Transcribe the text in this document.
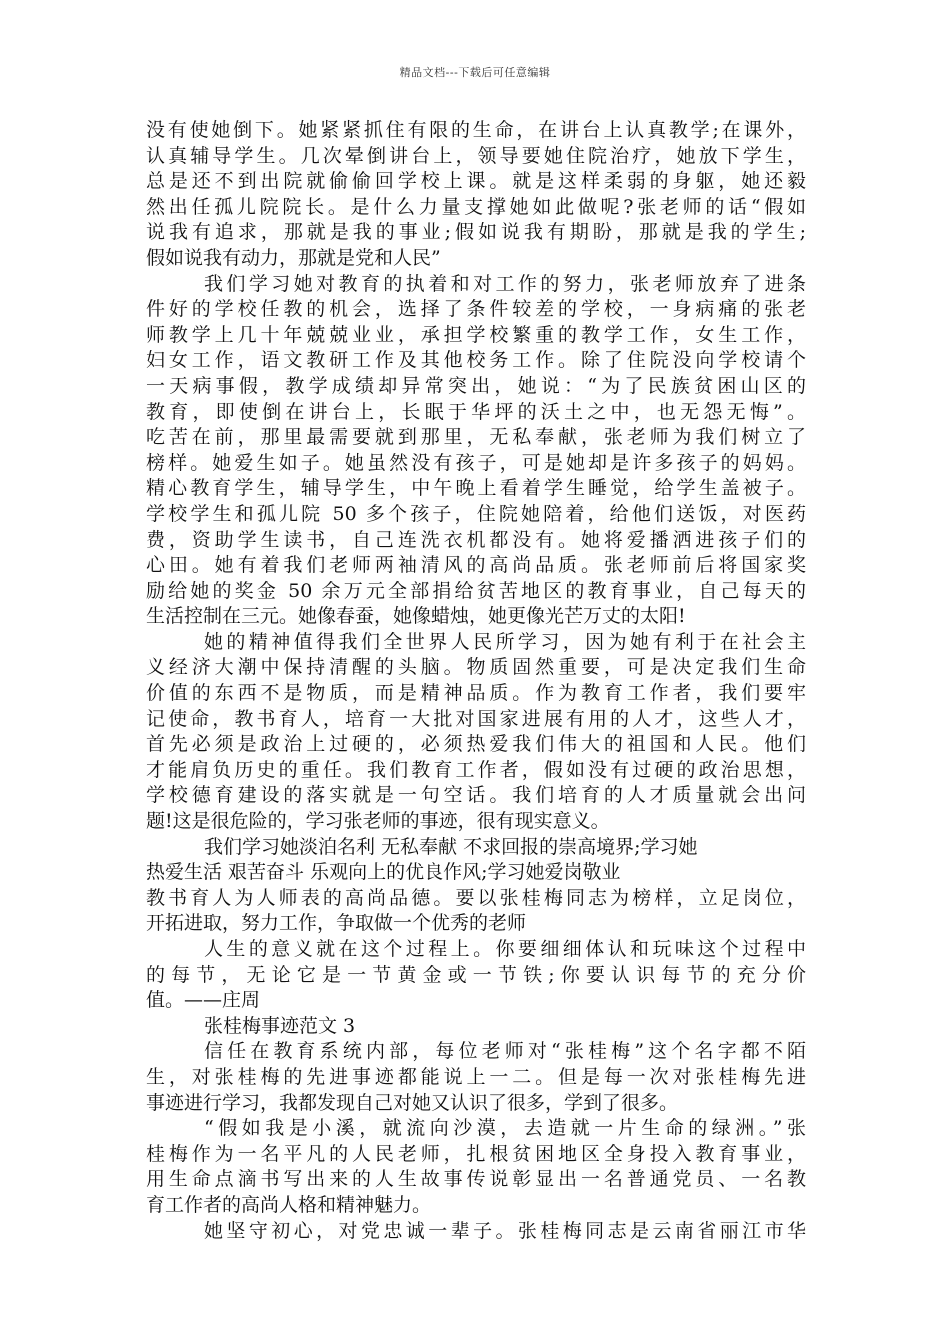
精品文档---下载后可任意编辑
没有使她倒下。她紧紧抓住有限的生命，在讲台上认真教学;在课外，
认真辅导学生。几次晕倒讲台上，领导要她住院治疗，她放下学生，
总是还不到出院就偷偷回学校上课。就是这样柔弱的身躯，她还毅
然出任孤儿院院长。是什么力量支撑她如此做呢?张老师的话“假如
说我有追求，那就是我的事业;假如说我有期盼，那就是我的学生;
假如说我有动力，那就是党和人民”
我们学习她对教育的执着和对工作的努力，张老师放弃了进条
件好的学校任教的机会，选择了条件较差的学校，一身病痛的张老
师教学上几十年兢兢业业，承担学校繁重的教学工作，女生工作，
妇女工作，语文教研工作及其他校务工作。除了住院没向学校请个
一天病事假，教学成绩却异常突出，她说：“为了民族贫困山区的
教育，即使倒在讲台上，长眠于华坪的沃土之中，也无怨无悔”。
吃苦在前，那里最需要就到那里，无私奉献，张老师为我们树立了
榜样。她爱生如子。她虽然没有孩子，可是她却是许多孩子的妈妈。
精心教育学生，辅导学生，中午晚上看着学生睡觉，给学生盖被子。
学校学生和孤儿院 50 多个孩子，住院她陪着，给他们送饭，对医药
费，资助学生读书，自己连洗衣机都没有。她将爱播洒进孩子们的
心田。她有着我们老师两袖清风的高尚品质。张老师前后将国家奖
励给她的奖金 50 余万元全部捐给贫苦地区的教育事业，自己每天的
生活控制在三元。她像春蚕，她像蜡烛，她更像光芒万丈的太阳!
她的精神值得我们全世界人民所学习，因为她有利于在社会主
义经济大潮中保持清醒的头脑。物质固然重要，可是决定我们生命
价值的东西不是物质，而是精神品质。作为教育工作者，我们要牢
记使命，教书育人，培育一大批对国家进展有用的人才，这些人才，
首先必须是政治上过硬的，必须热爱我们伟大的祖国和人民。他们
才能肩负历史的重任。我们教育工作者，假如没有过硬的政治思想，
学校德育建设的落实就是一句空话。我们培育的人才质量就会出问
题!这是很危险的，学习张老师的事迹，很有现实意义。
我们学习她淡泊名利 无私奉献 不求回报的崇高境界;学习她
热爱生活 艰苦奋斗 乐观向上的优良作风;学习她爱岗敬业
教书育人为人师表的高尚品德。要以张桂梅同志为榜样，立足岗位，
开拓进取，努力工作，争取做一个优秀的老师
人生的意义就在这个过程上。你要细细体认和玩味这个过程中
的每节，无论它是一节黄金或一节铁;你要认识每节的充分价
值。——庄周
张桂梅事迹范文 3
信任在教育系统内部，每位老师对“张桂梅”这个名字都不陌
生，对张桂梅的先进事迹都能说上一二。但是每一次对张桂梅先进
事迹进行学习，我都发现自己对她又认识了很多，学到了很多。
“假如我是小溪，就流向沙漠，去造就一片生命的绿洲。”张
桂梅作为一名平凡的人民老师，扎根贫困地区全身投入教育事业，
用生命点滴书写出来的人生故事传说彰显出一名普通党员、一名教
育工作者的高尚人格和精神魅力。
她坚守初心，对党忠诚一辈子。张桂梅同志是云南省丽江市华
